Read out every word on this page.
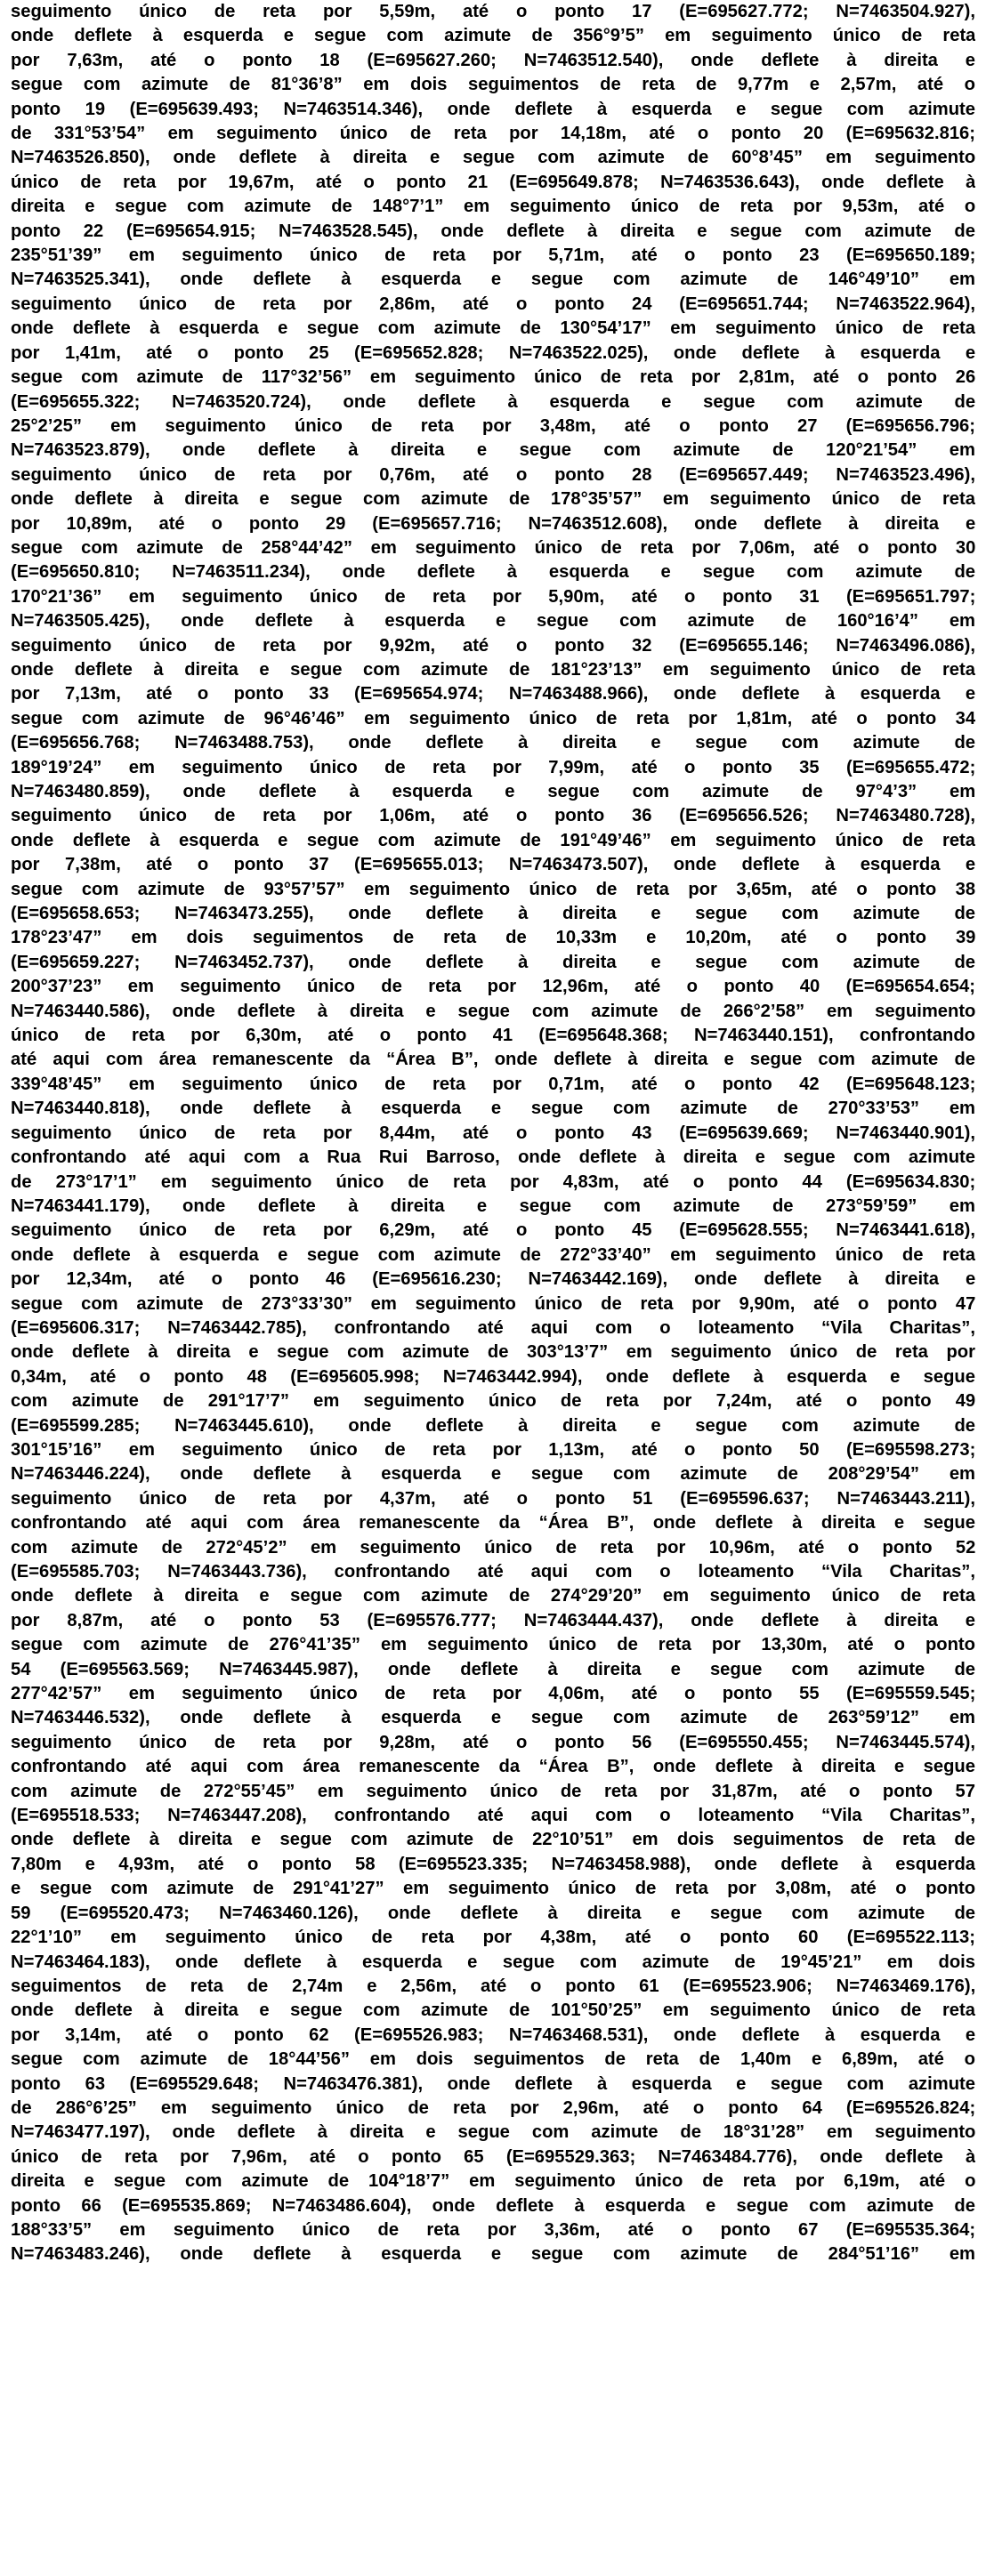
seguimento único de reta por 5,59m, até o ponto 17 (E=695627.772; N=7463504.927),
onde deflete à esquerda e segue com azimute de 356°9’5” em seguimento único de reta
por 7,63m, até o ponto 18 (E=695627.260; N=7463512.540), onde deflete à direita e
segue com azimute de 81°36’8” em dois seguimentos de reta de 9,77m e 2,57m, até o
ponto 19 (E=695639.493; N=7463514.346), onde deflete à esquerda e segue com azimute
de 331°53’54” em seguimento único de reta por 14,18m, até o ponto 20 (E=695632.816;
N=7463526.850), onde deflete à direita e segue com azimute de 60°8’45” em seguimento
único de reta por 19,67m, até o ponto 21 (E=695649.878; N=7463536.643), onde deflete à
direita e segue com azimute de 148°7’1” em seguimento único de reta por 9,53m, até o
ponto 22 (E=695654.915; N=7463528.545), onde deflete à direita e segue com azimute de
235°51’39” em seguimento único de reta por 5,71m, até o ponto 23 (E=695650.189;
N=7463525.341), onde deflete à esquerda e segue com azimute de 146°49’10” em
seguimento único de reta por 2,86m, até o ponto 24 (E=695651.744; N=7463522.964),
onde deflete à esquerda e segue com azimute de 130°54’17” em seguimento único de reta
por 1,41m, até o ponto 25 (E=695652.828; N=7463522.025), onde deflete à esquerda e
segue com azimute de 117°32’56” em seguimento único de reta por 2,81m, até o ponto 26
(E=695655.322; N=7463520.724), onde deflete à esquerda e segue com azimute de
25°2’25” em seguimento único de reta por 3,48m, até o ponto 27 (E=695656.796;
N=7463523.879), onde deflete à direita e segue com azimute de 120°21’54” em
seguimento único de reta por 0,76m, até o ponto 28 (E=695657.449; N=7463523.496),
onde deflete à direita e segue com azimute de 178°35’57” em seguimento único de reta
por 10,89m, até o ponto 29 (E=695657.716; N=7463512.608), onde deflete à direita e
segue com azimute de 258°44’42” em seguimento único de reta por 7,06m, até o ponto 30
(E=695650.810; N=7463511.234), onde deflete à esquerda e segue com azimute de
170°21’36” em seguimento único de reta por 5,90m, até o ponto 31 (E=695651.797;
N=7463505.425), onde deflete à esquerda e segue com azimute de 160°16’4” em
seguimento único de reta por 9,92m, até o ponto 32 (E=695655.146; N=7463496.086),
onde deflete à direita e segue com azimute de 181°23’13” em seguimento único de reta
por 7,13m, até o ponto 33 (E=695654.974; N=7463488.966), onde deflete à esquerda e
segue com azimute de 96°46’46” em seguimento único de reta por 1,81m, até o ponto 34
(E=695656.768; N=7463488.753), onde deflete à direita e segue com azimute de
189°19’24” em seguimento único de reta por 7,99m, até o ponto 35 (E=695655.472;
N=7463480.859), onde deflete à esquerda e segue com azimute de 97°4’3” em
seguimento único de reta por 1,06m, até o ponto 36 (E=695656.526; N=7463480.728),
onde deflete à esquerda e segue com azimute de 191°49’46” em seguimento único de reta
por 7,38m, até o ponto 37 (E=695655.013; N=7463473.507), onde deflete à esquerda e
segue com azimute de 93°57’57” em seguimento único de reta por 3,65m, até o ponto 38
(E=695658.653; N=7463473.255), onde deflete à direita e segue com azimute de
178°23’47” em dois seguimentos de reta de 10,33m e 10,20m, até o ponto 39
(E=695659.227; N=7463452.737), onde deflete à direita e segue com azimute de
200°37’23” em seguimento único de reta por 12,96m, até o ponto 40 (E=695654.654;
N=7463440.586), onde deflete à direita e segue com azimute de 266°2’58” em seguimento
único de reta por 6,30m, até o ponto 41 (E=695648.368; N=7463440.151), confrontando
até aqui com área remanescente da “Área B”, onde deflete à direita e segue com azimute de
339°48’45” em seguimento único de reta por 0,71m, até o ponto 42 (E=695648.123;
N=7463440.818), onde deflete à esquerda e segue com azimute de 270°33’53” em
seguimento único de reta por 8,44m, até o ponto 43 (E=695639.669; N=7463440.901),
confrontando até aqui com a Rua Rui Barroso, onde deflete à direita e segue com azimute
de 273°17’1” em seguimento único de reta por 4,83m, até o ponto 44 (E=695634.830;
N=7463441.179), onde deflete à direita e segue com azimute de 273°59’59” em
seguimento único de reta por 6,29m, até o ponto 45 (E=695628.555; N=7463441.618),
onde deflete à esquerda e segue com azimute de 272°33’40” em seguimento único de reta
por 12,34m, até o ponto 46 (E=695616.230; N=7463442.169), onde deflete à direita e
segue com azimute de 273°33’30” em seguimento único de reta por 9,90m, até o ponto 47
(E=695606.317; N=7463442.785), confrontando até aqui com o loteamento “Vila Charitas”,
onde deflete à direita e segue com azimute de 303°13’7” em seguimento único de reta por
0,34m, até o ponto 48 (E=695605.998; N=7463442.994), onde deflete à esquerda e segue
com azimute de 291°17’7” em seguimento único de reta por 7,24m, até o ponto 49
(E=695599.285; N=7463445.610), onde deflete à direita e segue com azimute de
301°15’16” em seguimento único de reta por 1,13m, até o ponto 50 (E=695598.273;
N=7463446.224), onde deflete à esquerda e segue com azimute de 208°29’54” em
seguimento único de reta por 4,37m, até o ponto 51 (E=695596.637; N=7463443.211),
confrontando até aqui com área remanescente da “Área B”, onde deflete à direita e segue
com azimute de 272°45’2” em seguimento único de reta por 10,96m, até o ponto 52
(E=695585.703; N=7463443.736), confrontando até aqui com o loteamento “Vila Charitas”,
onde deflete à direita e segue com azimute de 274°29’20” em seguimento único de reta
por 8,87m, até o ponto 53 (E=695576.777; N=7463444.437), onde deflete à direita e
segue com azimute de 276°41’35” em seguimento único de reta por 13,30m, até o ponto
54 (E=695563.569; N=7463445.987), onde deflete à direita e segue com azimute de
277°42’57” em seguimento único de reta por 4,06m, até o ponto 55 (E=695559.545;
N=7463446.532), onde deflete à esquerda e segue com azimute de 263°59’12” em
seguimento único de reta por 9,28m, até o ponto 56 (E=695550.455; N=7463445.574),
confrontando até aqui com área remanescente da “Área B”, onde deflete à direita e segue
com azimute de 272°55’45” em seguimento único de reta por 31,87m, até o ponto 57
(E=695518.533; N=7463447.208), confrontando até aqui com o loteamento “Vila Charitas”,
onde deflete à direita e segue com azimute de 22°10’51” em dois seguimentos de reta de
7,80m e 4,93m, até o ponto 58 (E=695523.335; N=7463458.988), onde deflete à esquerda
e segue com azimute de 291°41’27” em seguimento único de reta por 3,08m, até o ponto
59 (E=695520.473; N=7463460.126), onde deflete à direita e segue com azimute de
22°1’10” em seguimento único de reta por 4,38m, até o ponto 60 (E=695522.113;
N=7463464.183), onde deflete à esquerda e segue com azimute de 19°45’21” em dois
seguimentos de reta de 2,74m e 2,56m, até o ponto 61 (E=695523.906; N=7463469.176),
onde deflete à direita e segue com azimute de 101°50’25” em seguimento único de reta
por 3,14m, até o ponto 62 (E=695526.983; N=7463468.531), onde deflete à esquerda e
segue com azimute de 18°44’56” em dois seguimentos de reta de 1,40m e 6,89m, até o
ponto 63 (E=695529.648; N=7463476.381), onde deflete à esquerda e segue com azimute
de 286°6’25” em seguimento único de reta por 2,96m, até o ponto 64 (E=695526.824;
N=7463477.197), onde deflete à direita e segue com azimute de 18°31’28” em seguimento
único de reta por 7,96m, até o ponto 65 (E=695529.363; N=7463484.776), onde deflete à
direita e segue com azimute de 104°18’7” em seguimento único de reta por 6,19m, até o
ponto 66 (E=695535.869; N=7463486.604), onde deflete à esquerda e segue com azimute de
188°33’5” em seguimento único de reta por 3,36m, até o ponto 67 (E=695535.364;
N=7463483.246), onde deflete à esquerda e segue com azimute de 284°51’16” em
